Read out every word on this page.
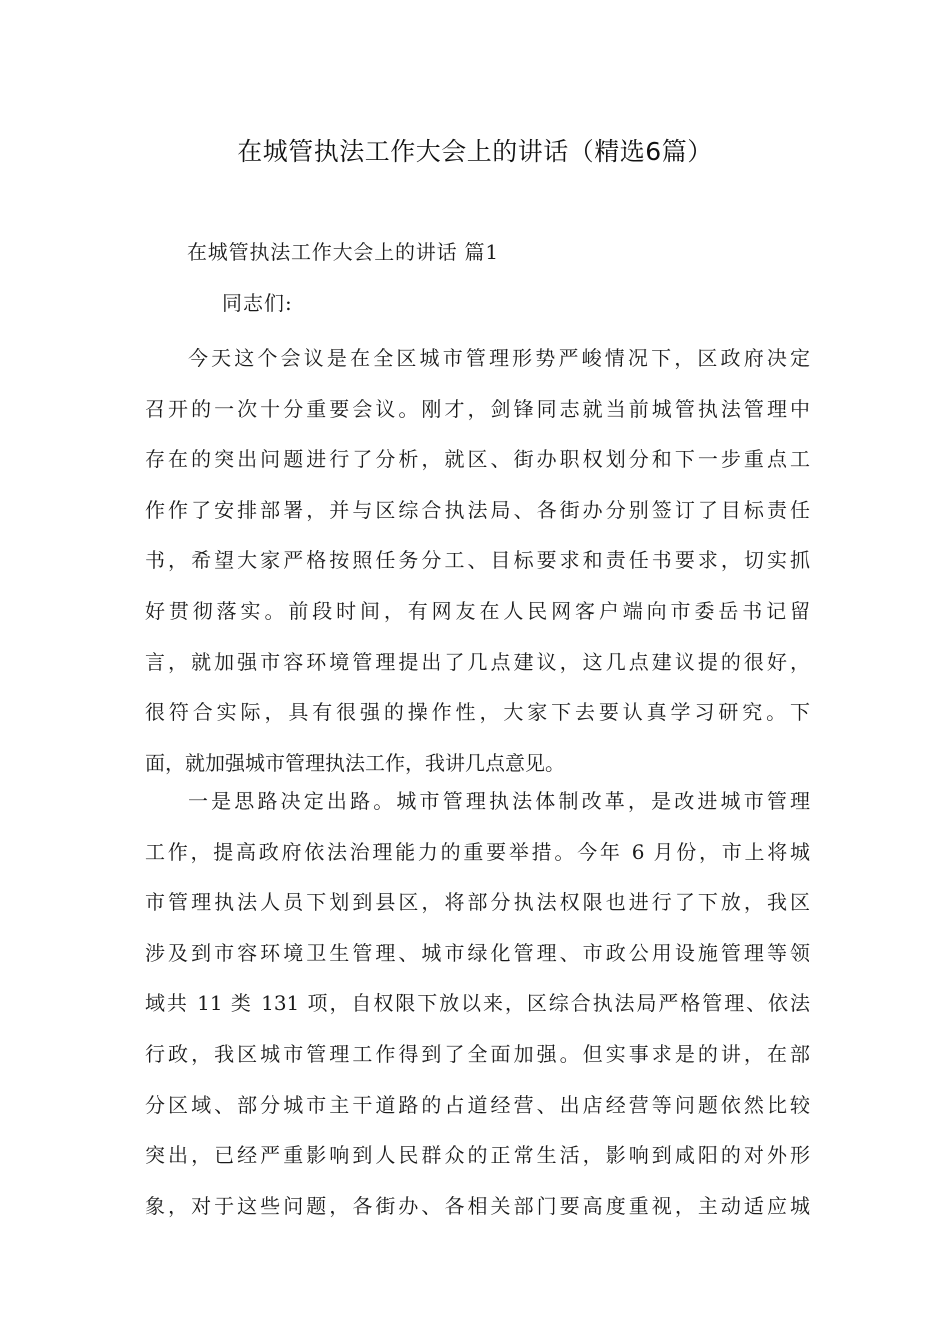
在城管执法工作大会上的讲话（精选6篇）

在城管执法工作大会上的讲话 篇1

同志们:

今天这个会议是在全区城市管理形势严峻情况下，区政府决定
召开的一次十分重要会议。刚才，剑锋同志就当前城管执法管理中
存在的突出问题进行了分析，就区、街办职权划分和下一步重点工
作作了安排部署，并与区综合执法局、各街办分别签订了目标责任
书，希望大家严格按照任务分工、目标要求和责任书要求，切实抓
好贯彻落实。前段时间，有网友在人民网客户端向市委岳书记留
言，就加强市容环境管理提出了几点建议，这几点建议提的很好，
很符合实际，具有很强的操作性，大家下去要认真学习研究。下
面，就加强城市管理执法工作，我讲几点意见。
一是思路决定出路。城市管理执法体制改革，是改进城市管理
工作，提高政府依法治理能力的重要举措。今年 6 月份，市上将城
市管理执法人员下划到县区，将部分执法权限也进行了下放，我区
涉及到市容环境卫生管理、城市绿化管理、市政公用设施管理等领
域共 11 类 131 项，自权限下放以来，区综合执法局严格管理、依法
行政，我区城市管理工作得到了全面加强。但实事求是的讲，在部
分区域、部分城市主干道路的占道经营、出店经营等问题依然比较
突出，已经严重影响到人民群众的正常生活，影响到咸阳的对外形
象，对于这些问题，各街办、各相关部门要高度重视，主动适应城
